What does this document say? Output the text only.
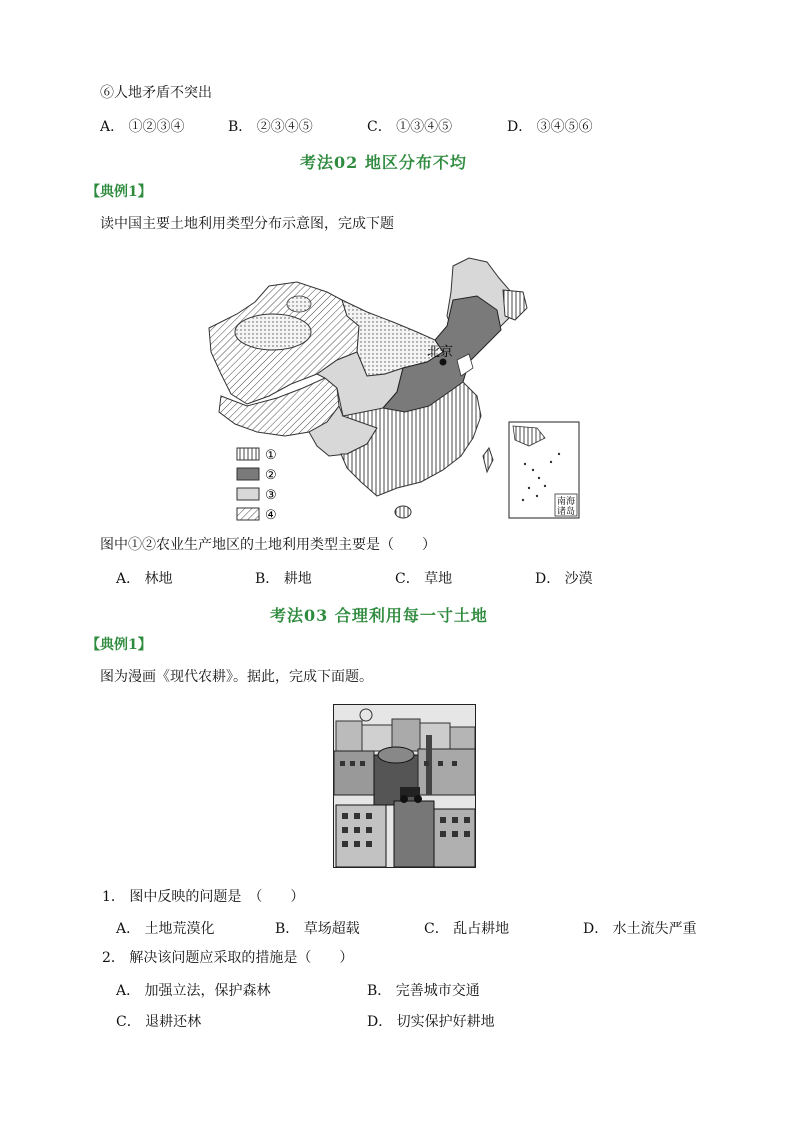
⑥人地矛盾不突出
A． ①②③④	B． ②③④⑤	C． ①③④⑤	D． ③④⑤⑥
考法02 地区分布不均
【典例1】
读中国主要土地利用类型分布示意图，完成下题
北京
①
②
③
④
南海
诸岛
图中①②农业生产地区的土地利用类型主要是（　　）
A． 林地	B． 耕地	C． 草地	D． 沙漠
考法03 合理利用每一寸土地
【典例1】
图为漫画《现代农耕》。据此，完成下面题。
1． 图中反映的问题是　（　　）
A． 土地荒漠化	B． 草场超载	C． 乱占耕地	D． 水土流失严重
2． 解决该问题应采取的措施是（　　）
A． 加强立法，保护森林	B． 完善城市交通
C． 退耕还林	D． 切实保护好耕地
